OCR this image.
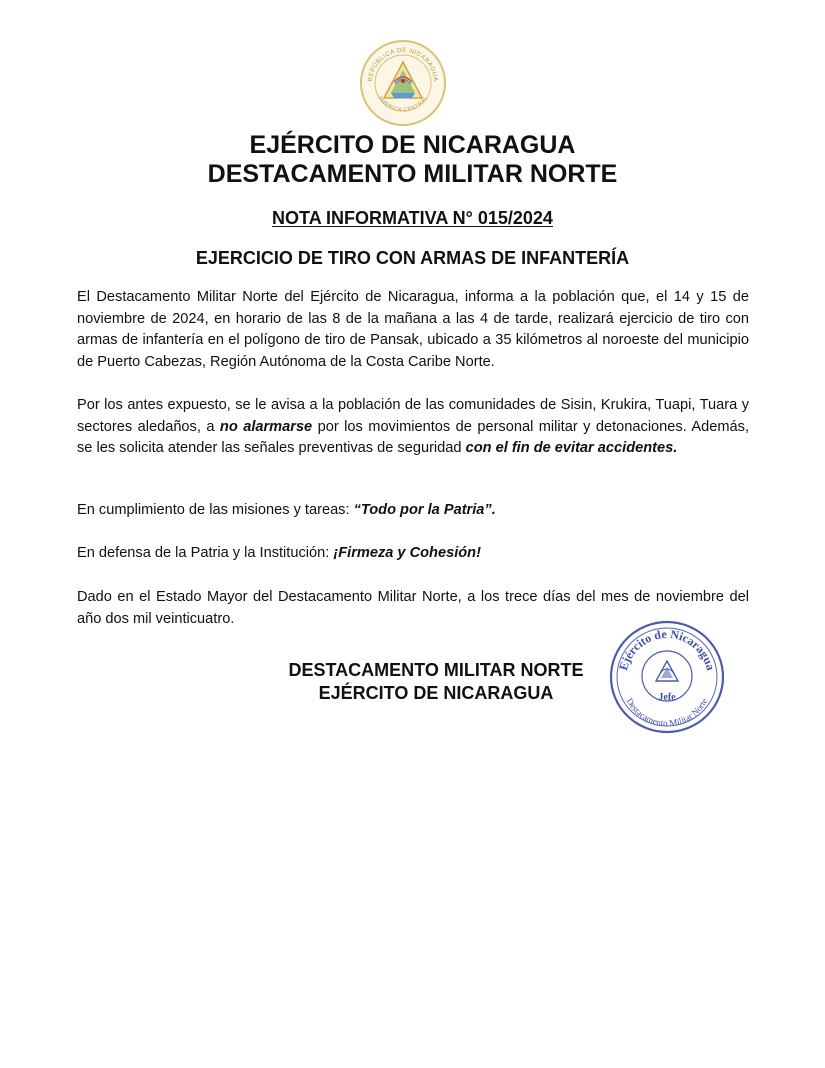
REPÚBLICA DE NICARAGUA
AMÉRICA CENTRAL
EJÉRCITO DE NICARAGUA
DESTACAMENTO MILITAR NORTE
NOTA INFORMATIVA N° 015/2024
EJERCICIO DE TIRO CON ARMAS DE INFANTERÍA

El Destacamento Militar Norte del Ejército de Nicaragua, informa a la población que, el 14 y 15 de noviembre de 2024, en horario de las 8 de la mañana a las 4 de tarde, realizará ejercicio de tiro con armas de infantería en el polígono de tiro de Pansak, ubicado a 35 kilómetros al noroeste del municipio de Puerto Cabezas, Región Autónoma de la Costa Caribe Norte.

Por los antes expuesto, se le avisa a la población de las comunidades de Sisin, Krukira, Tuapi, Tuara y sectores aledaños, a no alarmarse por los movimientos de personal militar y detonaciones. Además, se les solicita atender las señales preventivas de seguridad con el fin de evitar accidentes.

En cumplimiento de las misiones y tareas: “Todo por la Patria”.

En defensa de la Patria y la Institución: ¡Firmeza y Cohesión!

Dado en el Estado Mayor del Destacamento Militar Norte, a los trece días del mes de noviembre del año dos mil veinticuatro.

DESTACAMENTO MILITAR NORTE
EJÉRCITO DE NICARAGUA
Ejército de Nicaragua
Destacamento Militar Norte
Jefe
